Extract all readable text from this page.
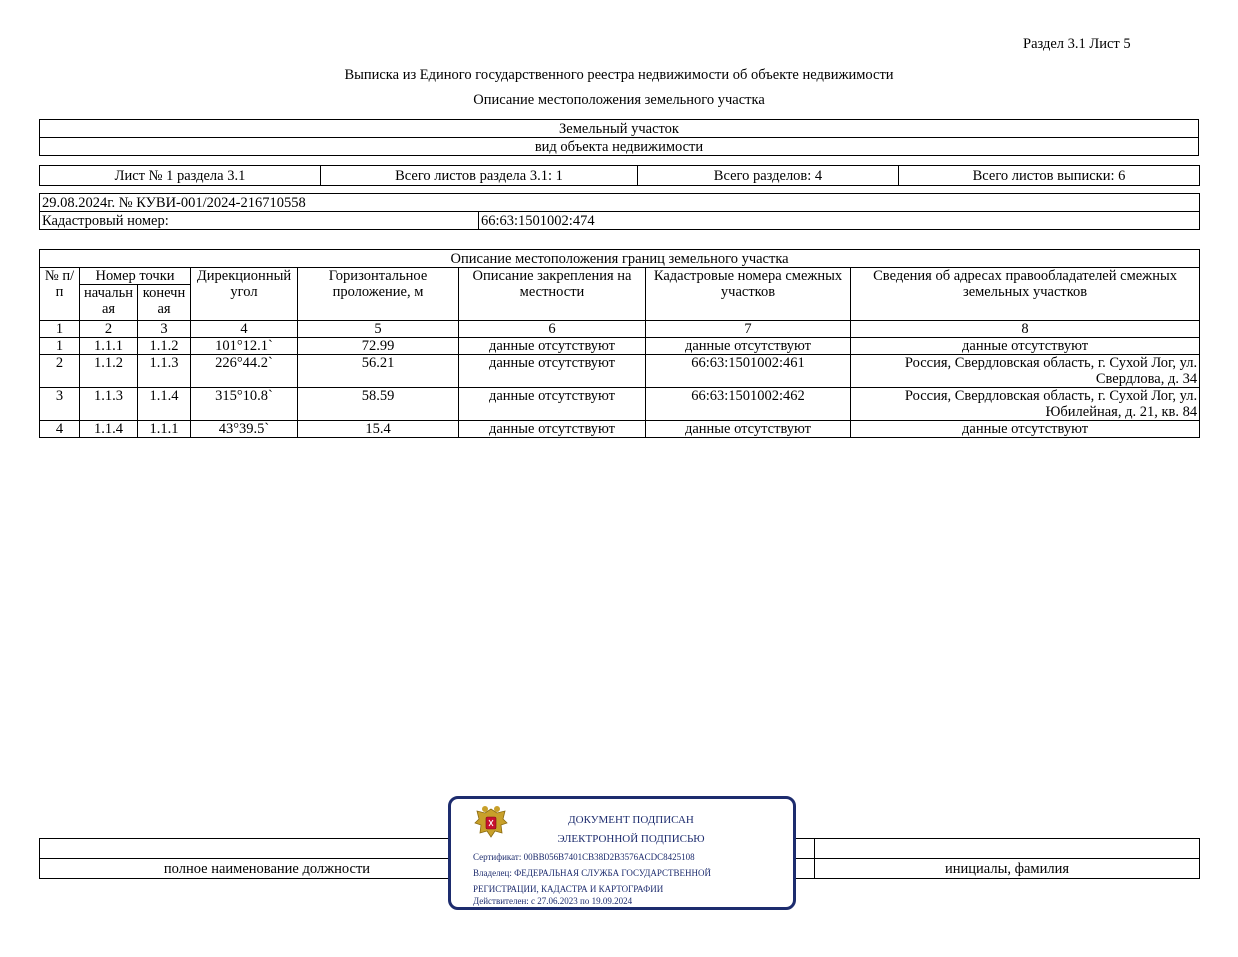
Раздел 3.1 Лист 5
Выписка из Единого государственного реестра недвижимости об объекте недвижимости
Описание местоположения земельного участка
Земельный участок
вид объекта недвижимости
Лист № 1 раздела 3.1	Всего листов раздела 3.1: 1	Всего разделов: 4	Всего листов выписки: 6
29.08.2024г. № КУВИ-001/2024-216710558
Кадастровый номер:	66:63:1501002:474
Описание местоположения границ земельного участка							
№ п/п	Номер точки		Дирекционный угол	Горизонтальное проложение, м	Описание закрепления на местности	Кадастровые номера смежных участков	Сведения об адресах правообладателей смежных земельных участков
	начальн ая	конечн ая					
1	2	3	4	5	6	7	8
1	1.1.1	1.1.2	101°12.1`	72.99	данные отсутствуют	данные отсутствуют	данные отсутствуют
2	1.1.2	1.1.3	226°44.2`	56.21	данные отсутствуют	66:63:1501002:461	Россия, Свердловская область, г. Сухой Лог, ул. Свердлова, д. 34
3	1.1.3	1.1.4	315°10.8`	58.59	данные отсутствуют	66:63:1501002:462	Россия, Свердловская область, г. Сухой Лог, ул. Юбилейная, д. 21, кв. 84
4	1.1.4	1.1.1	43°39.5`	15.4	данные отсутствуют	данные отсутствуют	данные отсутствуют

полное наименование должности		инициалы, фамилия
ДОКУМЕНТ ПОДПИСАН
ЭЛЕКТРОННОЙ ПОДПИСЬЮ
Сертификат: 00BB056B7401CB38D2B3576ACDC8425108
Владелец: ФЕДЕРАЛЬНАЯ СЛУЖБА ГОСУДАРСТВЕННОЙ
РЕГИСТРАЦИИ, КАДАСТРА И КАРТОГРАФИИ
Действителен: с 27.06.2023 по 19.09.2024
